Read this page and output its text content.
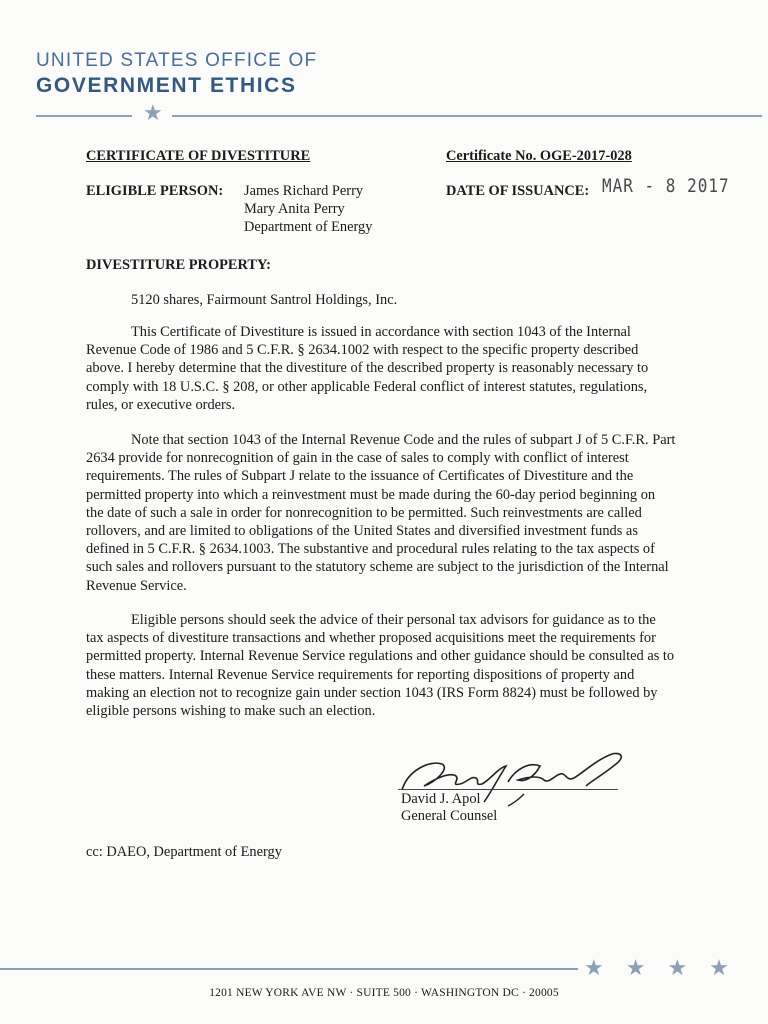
UNITED STATES OFFICE OF
GOVERNMENT ETHICS
★
CERTIFICATE OF DIVESTITURE	Certificate No. OGE-2017-028
ELIGIBLE PERSON: James Richard Perry
Mary Anita Perry
Department of Energy
DATE OF ISSUANCE: MAR - 8 2017
DIVESTITURE PROPERTY:
5120 shares, Fairmount Santrol Holdings, Inc.
This Certificate of Divestiture is issued in accordance with section 1043 of the Internal Revenue Code of 1986 and 5 C.F.R. § 2634.1002 with respect to the specific property described above. I hereby determine that the divestiture of the described property is reasonably necessary to comply with 18 U.S.C. § 208, or other applicable Federal conflict of interest statutes, regulations, rules, or executive orders.
Note that section 1043 of the Internal Revenue Code and the rules of subpart J of 5 C.F.R. Part 2634 provide for nonrecognition of gain in the case of sales to comply with conflict of interest requirements. The rules of Subpart J relate to the issuance of Certificates of Divestiture and the permitted property into which a reinvestment must be made during the 60-day period beginning on the date of such a sale in order for nonrecognition to be permitted. Such reinvestments are called rollovers, and are limited to obligations of the United States and diversified investment funds as defined in 5 C.F.R. § 2634.1003. The substantive and procedural rules relating to the tax aspects of such sales and rollovers pursuant to the statutory scheme are subject to the jurisdiction of the Internal Revenue Service.
Eligible persons should seek the advice of their personal tax advisors for guidance as to the tax aspects of divestiture transactions and whether proposed acquisitions meet the requirements for permitted property. Internal Revenue Service regulations and other guidance should be consulted as to these matters. Internal Revenue Service requirements for reporting dispositions of property and making an election not to recognize gain under section 1043 (IRS Form 8824) must be followed by eligible persons wishing to make such an election.
David J. Apol
General Counsel
cc: DAEO, Department of Energy
★★★★
1201 NEW YORK AVE NW · SUITE 500 · WASHINGTON DC · 20005
